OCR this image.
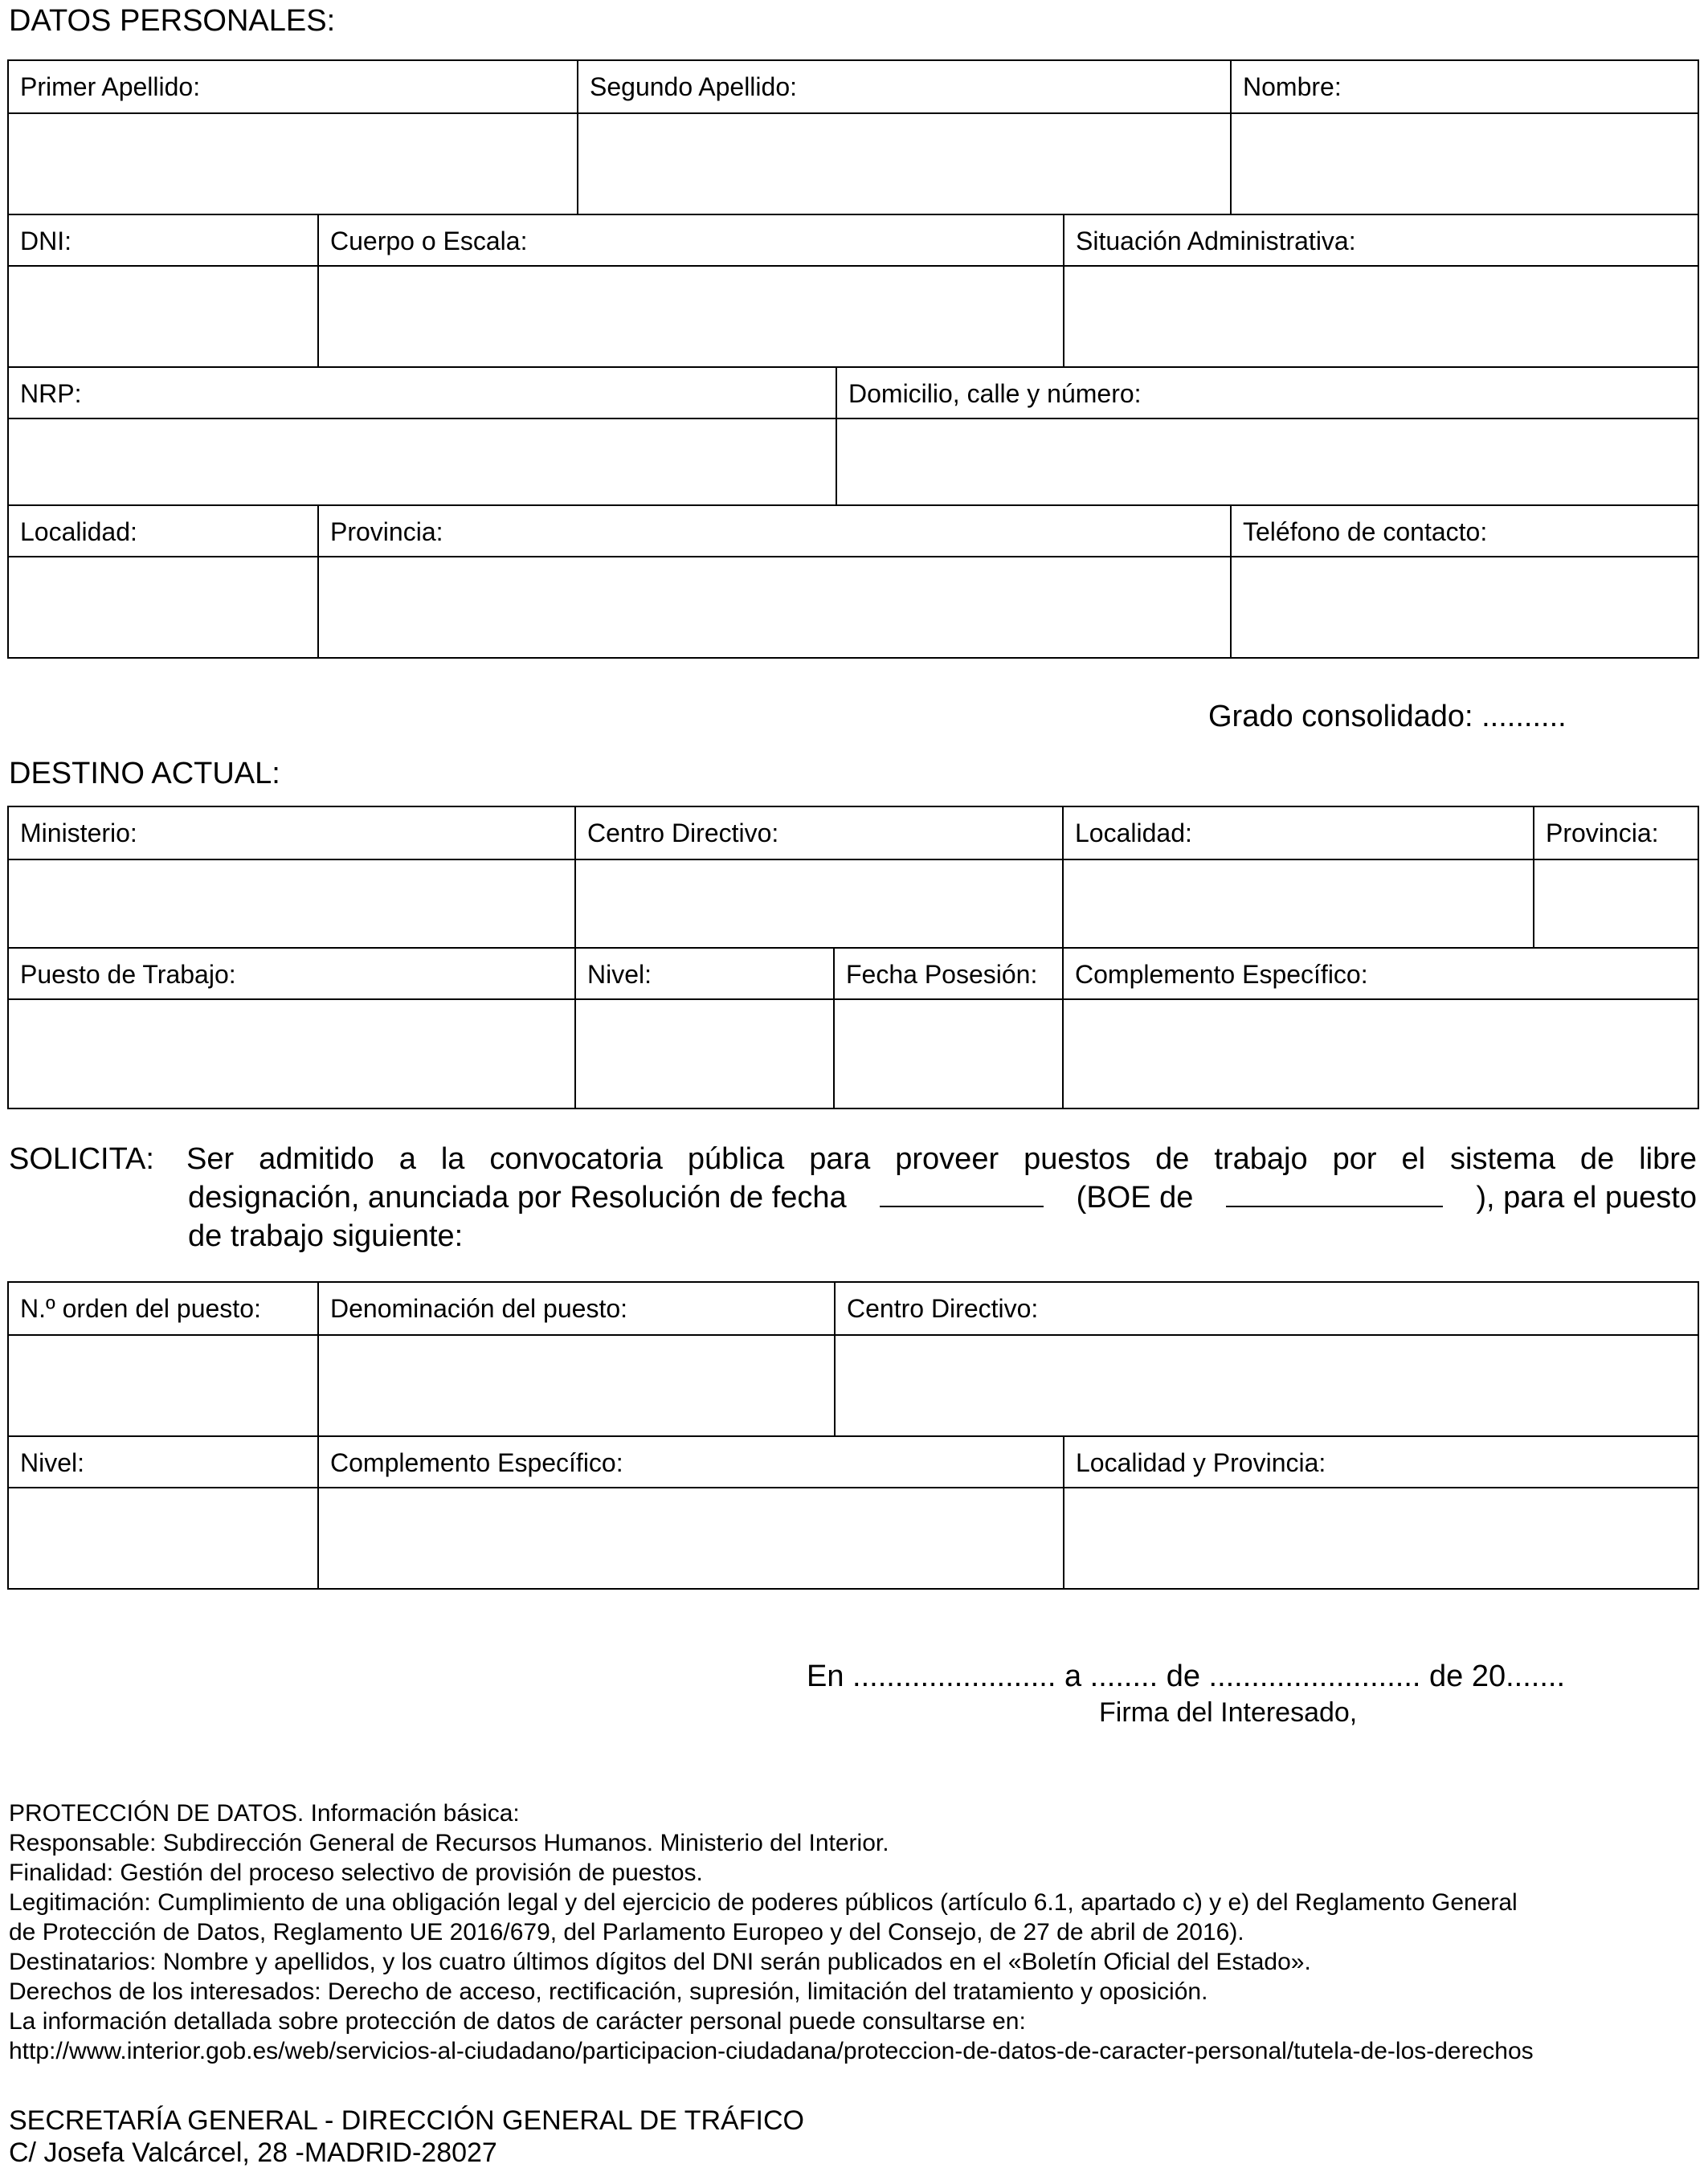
DATOS PERSONALES:
Primer Apellido:	Segundo Apellido:	Nombre:
DNI:	Cuerpo o Escala:	Situación Administrativa:
NRP:	Domicilio, calle y número:
Localidad:	Provincia:	Teléfono de contacto:
Grado consolidado: ..........
DESTINO ACTUAL:
Ministerio:	Centro Directivo:	Localidad:	Provincia:
Puesto de Trabajo:	Nivel:	Fecha Posesión:	Complemento Específico:
SOLICITA: Ser admitido a la convocatoria pública para proveer puestos de trabajo por el sistema de libre
designación, anunciada por Resolución de fecha	(BOE de	), para el puesto
de trabajo siguiente:
N.º orden del puesto:	Denominación del puesto:	Centro Directivo:
Nivel:	Complemento Específico:	Localidad y Provincia:
En ........................ a ........ de ......................... de 20.......
Firma del Interesado,
PROTECCIÓN DE DATOS. Información básica:
Responsable: Subdirección General de Recursos Humanos. Ministerio del Interior.
Finalidad: Gestión del proceso selectivo de provisión de puestos.
Legitimación: Cumplimiento de una obligación legal y del ejercicio de poderes públicos (artículo 6.1, apartado c) y e) del Reglamento General
de Protección de Datos, Reglamento UE 2016/679, del Parlamento Europeo y del Consejo, de 27 de abril de 2016).
Destinatarios: Nombre y apellidos, y los cuatro últimos dígitos del DNI serán publicados en el «Boletín Oficial del Estado».
Derechos de los interesados: Derecho de acceso, rectificación, supresión, limitación del tratamiento y oposición.
La información detallada sobre protección de datos de carácter personal puede consultarse en:
http://www.interior.gob.es/web/servicios-al-ciudadano/participacion-ciudadana/proteccion-de-datos-de-caracter-personal/tutela-de-los-derechos
SECRETARÍA GENERAL - DIRECCIÓN GENERAL DE TRÁFICO
C/ Josefa Valcárcel, 28 -MADRID-28027
